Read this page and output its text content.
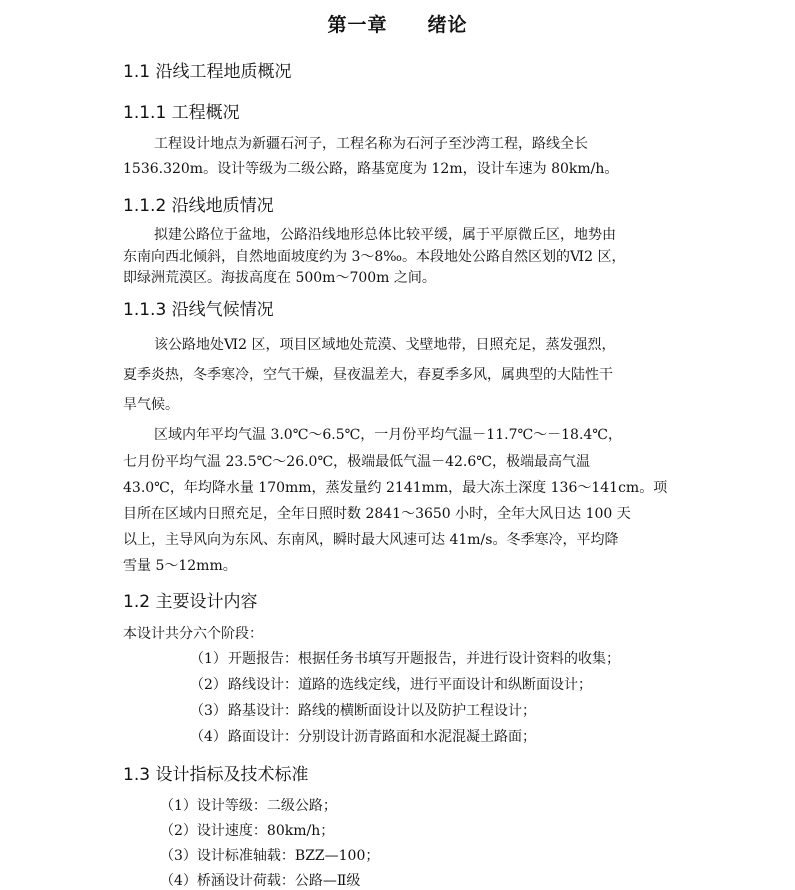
第一章 绪论
1.1 沿线工程地质概况
1.1.1 工程概况
工程设计地点为新疆石河子，工程名称为石河子至沙湾工程，路线全长
1536.320m。设计等级为二级公路，路基宽度为 12m，设计车速为 80km/h。
1.1.2 沿线地质情况
拟建公路位于盆地，公路沿线地形总体比较平缓，属于平原微丘区，地势由
东南向西北倾斜，自然地面坡度约为 3～8‰。本段地处公路自然区划的Ⅵ2 区，
即绿洲荒漠区。海拔高度在 500m～700m 之间。
1.1.3 沿线气候情况
该公路地处Ⅵ2 区，项目区域地处荒漠、戈壁地带，日照充足，蒸发强烈，
夏季炎热，冬季寒冷，空气干燥，昼夜温差大，春夏季多风，属典型的大陆性干
旱气候。
区域内年平均气温 3.0℃～6.5℃，一月份平均气温－11.7℃～－18.4℃，
七月份平均气温 23.5℃～26.0℃，极端最低气温－42.6℃，极端最高气温
43.0℃，年均降水量 170mm，蒸发量约 2141mm，最大冻土深度 136～141cm。项
目所在区域内日照充足，全年日照时数 2841～3650 小时，全年大风日达 100 天
以上，主导风向为东风、东南风，瞬时最大风速可达 41m/s。冬季寒冷，平均降
雪量 5～12mm。
1.2 主要设计内容
本设计共分六个阶段：
（1）开题报告：根据任务书填写开题报告，并进行设计资料的收集；
（2）路线设计：道路的选线定线，进行平面设计和纵断面设计；
（3）路基设计：路线的横断面设计以及防护工程设计；
（4）路面设计：分别设计沥青路面和水泥混凝土路面；
1.3 设计指标及技术标准
（1）设计等级：二级公路；
（2）设计速度：80km/h；
（3）设计标准轴载：BZZ—100；
（4）桥涵设计荷载：公路—Ⅱ级
